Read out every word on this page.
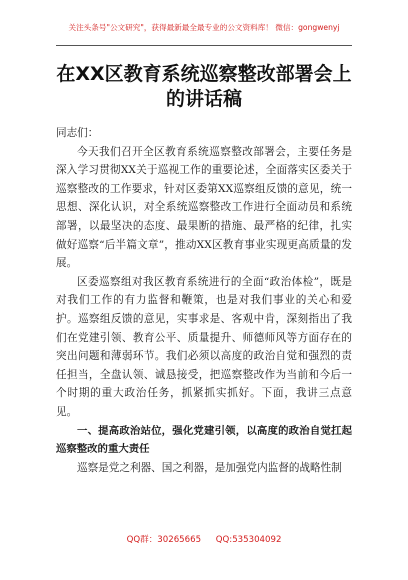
关注头条号"公文研究"，获得最新最全最专业的公文资料库！ 微信：gongwenyj
在XX区教育系统巡察整改部署会上的讲话稿

同志们：

今天我们召开全区教育系统巡察整改部署会，主要任务是深入学习贯彻XX关于巡视工作的重要论述，全面落实区委关于巡察整改的工作要求，针对区委第XX巡察组反馈的意见，统一思想、深化认识，对全系统巡察整改工作进行全面动员和系统部署，以最坚决的态度、最果断的措施、最严格的纪律，扎实做好巡察“后半篇文章”，推动XX区教育事业实现更高质量的发展。

区委巡察组对我区教育系统进行的全面“政治体检”，既是对我们工作的有力监督和鞭策，也是对我们事业的关心和爱护。巡察组反馈的意见，实事求是、客观中肯，深刻指出了我们在党建引领、教育公平、质量提升、师德师风等方面存在的突出问题和薄弱环节。我们必须以高度的政治自觉和强烈的责任担当，全盘认领、诚恳接受，把巡察整改作为当前和今后一个时期的重大政治任务，抓紧抓实抓好。下面，我讲三点意见。

一、提高政治站位，强化党建引领，以高度的政治自觉扛起巡察整改的重大责任

巡察是党之利器、国之利器，是加强党内监督的战略性制

QQ群：30265665 QQ:535304092
